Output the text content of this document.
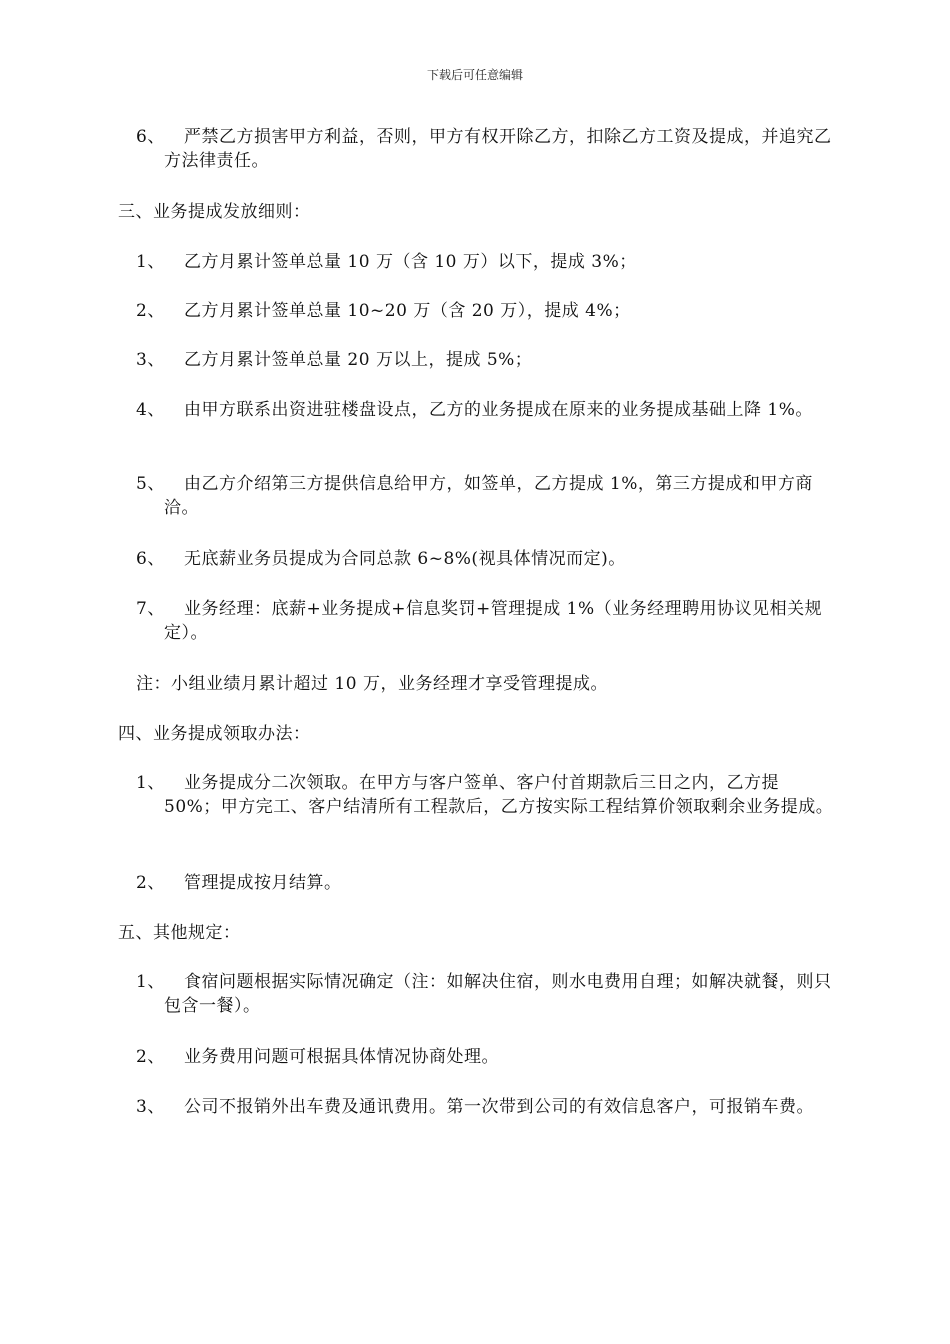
下载后可任意编辑
6、	严禁乙方损害甲方利益，否则，甲方有权开除乙方，扣除乙方工资及提成，并追究乙方法律责任。
三、业务提成发放细则：
1、	乙方月累计签单总量 10 万（含 10 万）以下，提成 3%；
2、	乙方月累计签单总量 10~20 万（含 20 万），提成 4%；
3、	乙方月累计签单总量 20 万以上，提成 5%；
4、	由甲方联系出资进驻楼盘设点，乙方的业务提成在原来的业务提成基础上降 1%。
5、	由乙方介绍第三方提供信息给甲方，如签单，乙方提成 1%，第三方提成和甲方商洽。
6、	无底薪业务员提成为合同总款 6~8%(视具体情况而定)。
7、	业务经理：底薪+业务提成+信息奖罚+管理提成 1%（业务经理聘用协议见相关规定）。
注：小组业绩月累计超过 10 万，业务经理才享受管理提成。
四、业务提成领取办法：
1、	业务提成分二次领取。在甲方与客户签单、客户付首期款后三日之内，乙方提 50%；甲方完工、客户结清所有工程款后，乙方按实际工程结算价领取剩余业务提成。
2、	管理提成按月结算。
五、其他规定：
1、	食宿问题根据实际情况确定（注：如解决住宿，则水电费用自理；如解决就餐，则只包含一餐）。
2、	业务费用问题可根据具体情况协商处理。
3、	公司不报销外出车费及通讯费用。第一次带到公司的有效信息客户，可报销车费。
